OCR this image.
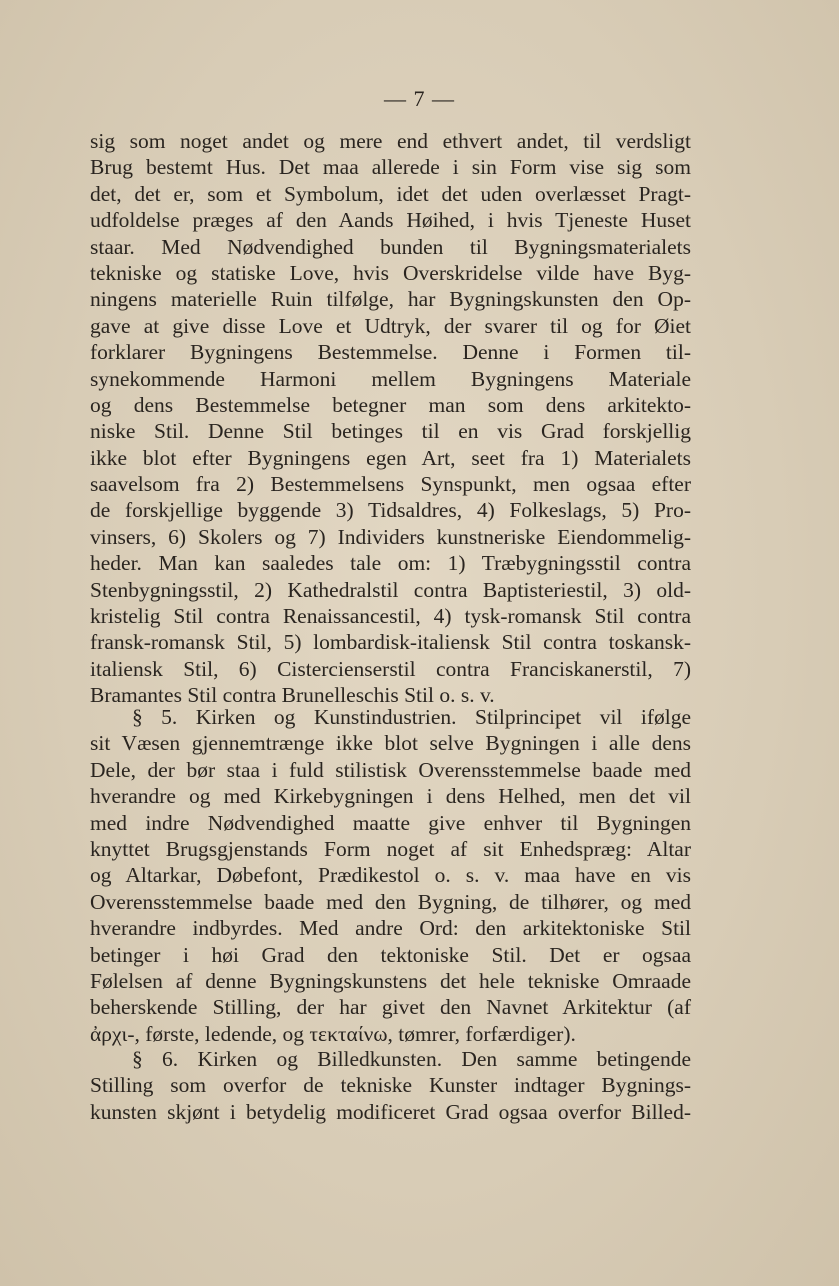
— 7 —
sig som noget andet og mere end ethvert andet, til verdsligt
Brug bestemt Hus. Det maa allerede i sin Form vise sig som
det, det er, som et Symbolum, idet det uden overlæsset Pragt-
udfoldelse præges af den Aands Høihed, i hvis Tjeneste Huset
staar. Med Nødvendighed bunden til Bygningsmaterialets
tekniske og statiske Love, hvis Overskridelse vilde have Byg-
ningens materielle Ruin tilfølge, har Bygningskunsten den Op-
gave at give disse Love et Udtryk, der svarer til og for Øiet
forklarer Bygningens Bestemmelse. Denne i Formen til-
synekommende Harmoni mellem Bygningens Materiale
og dens Bestemmelse betegner man som dens arkitekto-
niske Stil. Denne Stil betinges til en vis Grad forskjellig
ikke blot efter Bygningens egen Art, seet fra 1) Materialets
saavelsom fra 2) Bestemmelsens Synspunkt, men ogsaa efter
de forskjellige byggende 3) Tidsaldres, 4) Folkeslags, 5) Pro-
vinsers, 6) Skolers og 7) Individers kunstneriske Eiendommelig-
heder. Man kan saaledes tale om: 1) Træbygningsstil contra
Stenbygningsstil, 2) Kathedralstil contra Baptisteriestil, 3) old-
kristelig Stil contra Renaissancestil, 4) tysk-romansk Stil contra
fransk-romansk Stil, 5) lombardisk-italiensk Stil contra toskansk-
italiensk Stil, 6) Cistercienserstil contra Franciskanerstil, 7)
Bramantes Stil contra Brunelleschis Stil o. s. v.
§ 5. Kirken og Kunstindustrien. Stilprincipet vil ifølge
sit Væsen gjennemtrænge ikke blot selve Bygningen i alle dens
Dele, der bør staa i fuld stilistisk Overensstemmelse baade med
hverandre og med Kirkebygningen i dens Helhed, men det vil
med indre Nødvendighed maatte give enhver til Bygningen
knyttet Brugsgjenstands Form noget af sit Enhedspræg: Altar
og Altarkar, Døbefont, Prædikestol o. s. v. maa have en vis
Overensstemmelse baade med den Bygning, de tilhører, og med
hverandre indbyrdes. Med andre Ord: den arkitektoniske Stil
betinger i høi Grad den tektoniske Stil. Det er ogsaa
Følelsen af denne Bygningskunstens det hele tekniske Omraade
beherskende Stilling, der har givet den Navnet Arkitektur (af
ἀρχι-, første, ledende, og τεκταίνω, tømrer, forfærdiger).
§ 6. Kirken og Billedkunsten. Den samme betingende
Stilling som overfor de tekniske Kunster indtager Bygnings-
kunsten skjønt i betydelig modificeret Grad ogsaa overfor Billed-
